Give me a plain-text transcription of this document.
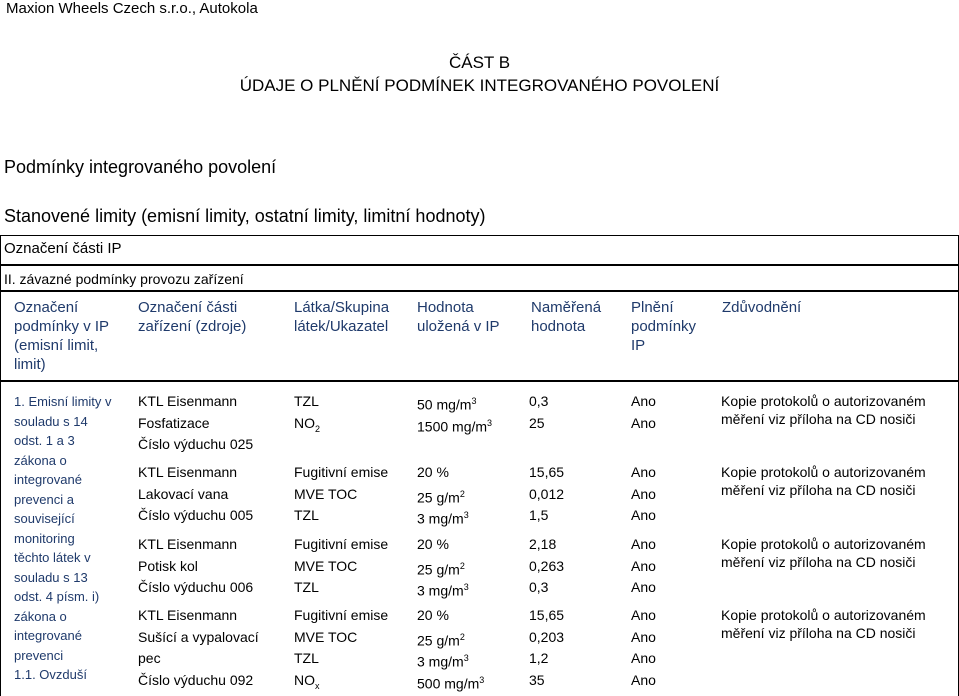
Maxion Wheels Czech s.r.o., Autokola
ČÁST B
ÚDAJE O PLNĚNÍ PODMÍNEK INTEGROVANÉHO POVOLENÍ
Podmínky integrovaného povolení
Stanovené limity (emisní limity, ostatní limity, limitní hodnoty)
Označení části IP
II. závazné podmínky provozu zařízení
Označení
podmínky v IP
(emisní limit,
limit)
Označení části
zařízení (zdroje)
Látka/Skupina
látek/Ukazatel
Hodnota
uložená v IP
Naměřená
hodnota
Plnění
podmínky
IP
Zdůvodnění
1. Emisní limity v
souladu s 14
odst. 1 a 3
zákona o
integrované
prevenci a
související
monitoring
těchto látek v
souladu s 13
odst. 4 písm. i)
zákona o
integrované
prevenci
1.1. Ovzduší
KTL Eisenmann
Fosfatizace
Číslo výduchu 025
TZL
$NO_2$
50 $mg/m^3$
1500 $mg/m^3$
0,3
25
Ano
Ano
Kopie protokolů o autorizovaném
měření viz příloha na CD nosiči
KTL Eisenmann
Lakovací vana
Číslo výduchu 005
Fugitivní emise
MVE TOC
TZL
20 %
25 $g/m^2$
3 $mg/m^3$
15,65
0,012
1,5
Ano
Ano
Ano
Kopie protokolů o autorizovaném
měření viz příloha na CD nosiči
KTL Eisenmann
Potisk kol
Číslo výduchu 006
Fugitivní emise
MVE TOC
TZL
20 %
25 $g/m^2$
3 $mg/m^3$
2,18
0,263
0,3
Ano
Ano
Ano
Kopie protokolů o autorizovaném
měření viz příloha na CD nosiči
KTL Eisenmann
Sušící a vypalovací
pec
Číslo výduchu 092
Fugitivní emise
MVE TOC
TZL
$NO_x$
20 %
25 $g/m^2$
3 $mg/m^3$
500 $mg/m^3$
15,65
0,203
1,2
35
Ano
Ano
Ano
Ano
Kopie protokolů o autorizovaném
měření viz příloha na CD nosiči
